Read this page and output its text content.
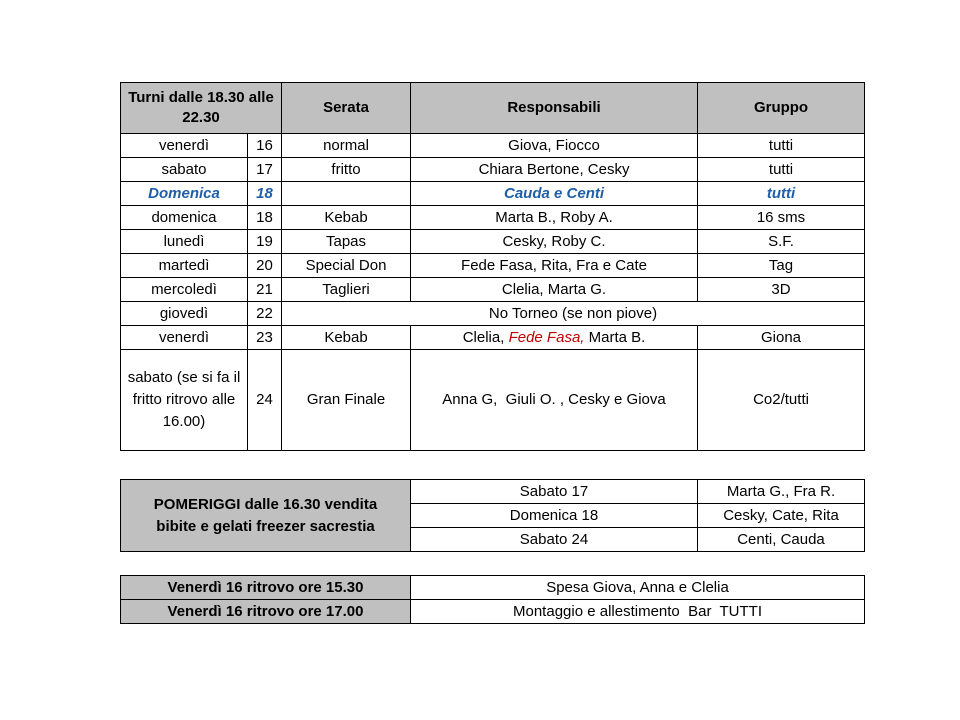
Turni dalle 18.30 alle 22.30		Serata	Responsabili	Gruppo
venerdì	16	normal	Giova, Fiocco	tutti
sabato	17	fritto	Chiara Bertone, Cesky	tutti
Domenica	18		Cauda e Centi	tutti
domenica	18	Kebab	Marta B., Roby A.	16 sms
lunedì	19	Tapas	Cesky, Roby C.	S.F.
martedì	20	Special Don	Fede Fasa, Rita, Fra e Cate	Tag
mercoledì	21	Taglieri	Clelia, Marta G.	3D
giovedì	22	No Torneo (se non piove)		
venerdì	23	Kebab	Clelia, Fede Fasa, Marta B.	Giona
sabato (se si fa il fritto ritrovo alle 16.00)	24	Gran Finale	Anna G,  Giuli O. , Cesky e Giova	Co2/tutti
POMERIGGI dalle 16.30 vendita bibite e gelati freezer sacrestia	Sabato 17	Marta G., Fra R.
	Domenica 18	Cesky, Cate, Rita
	Sabato 24	Centi, Cauda
Venerdì 16 ritrovo ore 15.30	Spesa Giova, Anna e Clelia
Venerdì 16 ritrovo ore 17.00	Montaggio e allestimento  Bar  TUTTI
